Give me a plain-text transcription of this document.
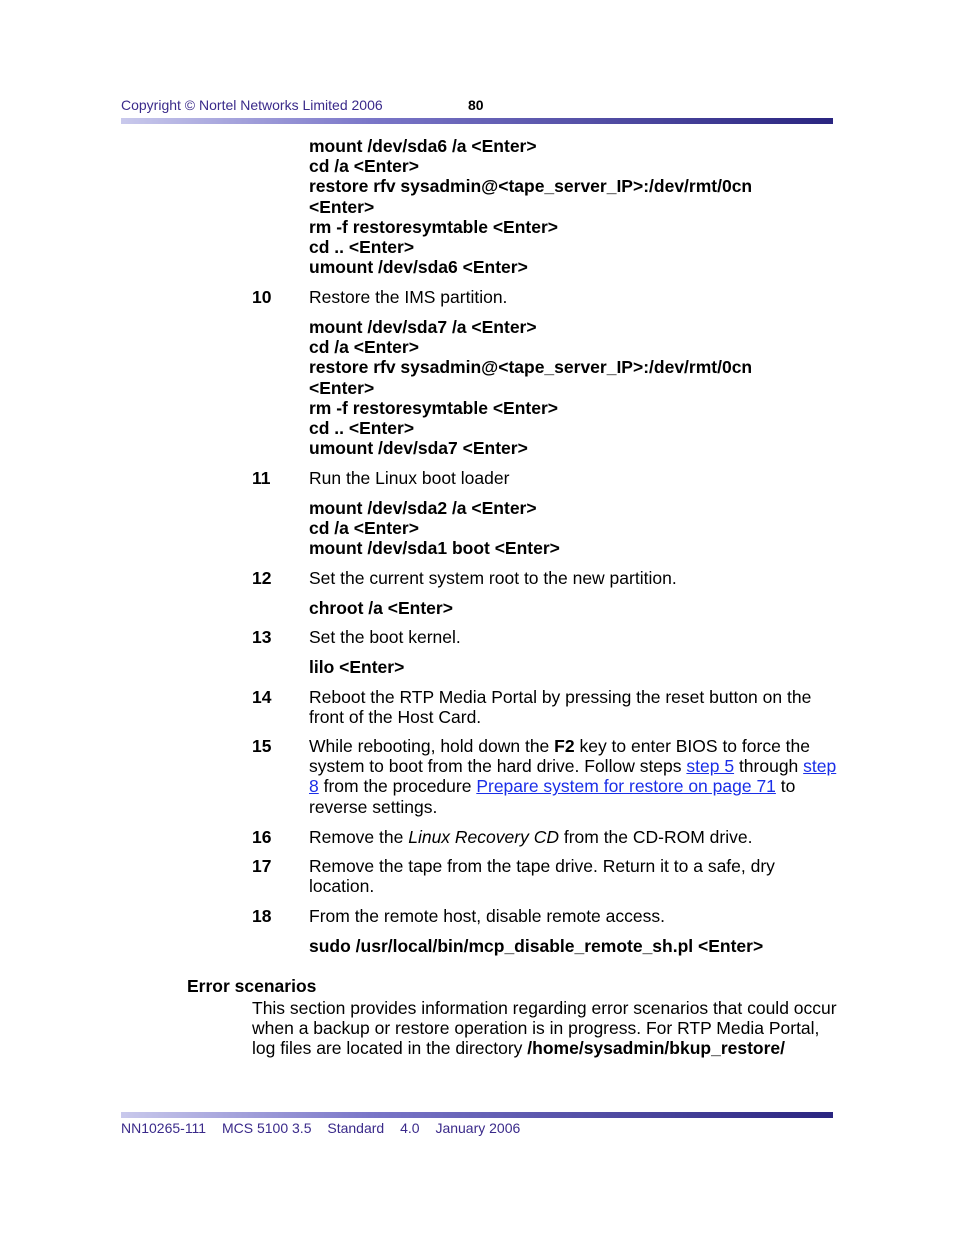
Copyright © Nortel Networks Limited 2006	80
mount /dev/sda6 /a <Enter>
cd /a <Enter>
restore rfv sysadmin@<tape_server_IP>:/dev/rmt/0cn
<Enter>
rm -f restoresymtable <Enter>
cd .. <Enter>
umount /dev/sda6 <Enter>
10 Restore the IMS partition.
mount /dev/sda7 /a <Enter>
cd /a <Enter>
restore rfv sysadmin@<tape_server_IP>:/dev/rmt/0cn
<Enter>
rm -f restoresymtable <Enter>
cd .. <Enter>
umount /dev/sda7 <Enter>
11 Run the Linux boot loader
mount /dev/sda2 /a <Enter>
cd /a <Enter>
mount /dev/sda1 boot <Enter>
12 Set the current system root to the new partition.
chroot /a <Enter>
13 Set the boot kernel.
lilo <Enter>
14 Reboot the RTP Media Portal by pressing the reset button on the front of the Host Card.
15 While rebooting, hold down the F2 key to enter BIOS to force the system to boot from the hard drive. Follow steps step 5 through step 8 from the procedure Prepare system for restore on page 71 to reverse settings.
16 Remove the Linux Recovery CD from the CD-ROM drive.
17 Remove the tape from the tape drive. Return it to a safe, dry location.
18 From the remote host, disable remote access.
sudo /usr/local/bin/mcp_disable_remote_sh.pl <Enter>
Error scenarios
This section provides information regarding error scenarios that could occur when a backup or restore operation is in progress. For RTP Media Portal, log files are located in the directory /home/sysadmin/bkup_restore/
NN10265-111 MCS 5100 3.5 Standard 4.0 January 2006
